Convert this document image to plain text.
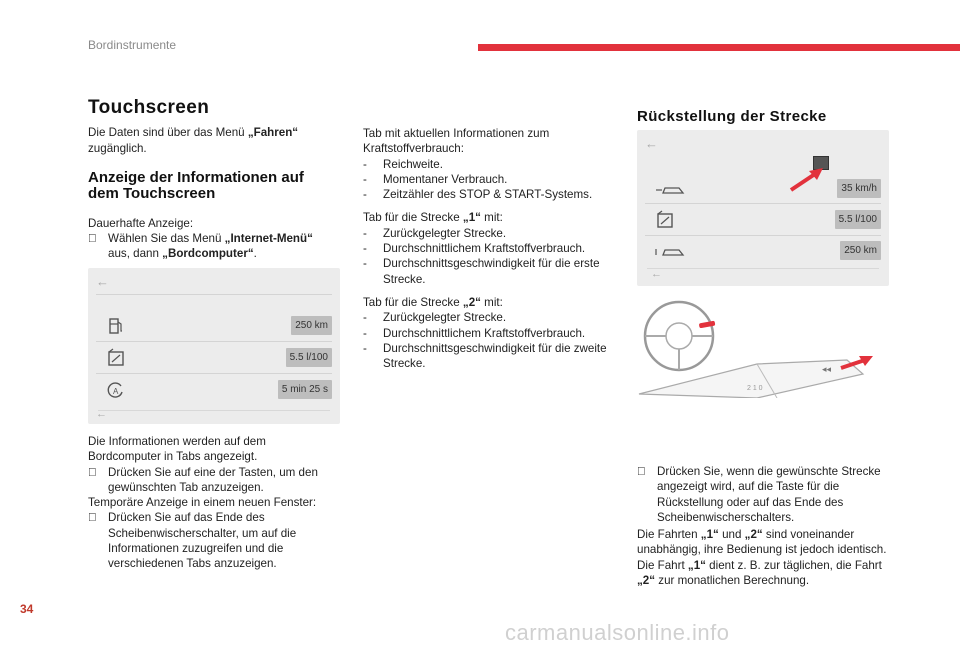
Bordinstrumente
Touchscreen

Die Daten sind über das Menü „Fahren“ zugänglich.

Anzeige der Informationen auf dem Touchscreen
Dauerhafte Anzeige:
Wählen Sie das Menü „Internet-Menü“ aus, dann „Bordcomputer“.
←
250 km
5.5 l/100
A	5 min 25 s
←
Die Informationen werden auf dem Bordcomputer in Tabs angezeigt.
Drücken Sie auf eine der Tasten, um den gewünschten Tab anzuzeigen.
Temporäre Anzeige in einem neuen Fenster:
Drücken Sie auf das Ende des Scheibenwischerschalter, um auf die Informationen zuzugreifen und die verschiedenen Tabs anzuzeigen.
Tab mit aktuellen Informationen zum Kraftstoffverbrauch:
-	Reichweite.
-	Momentaner Verbrauch.
-	Zeitzähler des STOP & START-Systems.
Tab für die Strecke „1“ mit:
-	Zurückgelegter Strecke.
-	Durchschnittlichem Kraftstoffverbrauch.
-	Durchschnittsgeschwindigkeit für die erste Strecke.
Tab für die Strecke „2“ mit:
-	Zurückgelegter Strecke.
-	Durchschnittlichem Kraftstoffverbrauch.
-	Durchschnittsgeschwindigkeit für die zweite Strecke.
Rückstellung der Strecke
←
35 km/h
5.5 l/100
250 km
←
2 1 0
◂◂
Drücken Sie, wenn die gewünschte Strecke angezeigt wird, auf die Taste für die Rückstellung oder auf das Ende des Scheibenwischerschalters.
Die Fahrten „1“ und „2“ sind voneinander unabhängig, ihre Bedienung ist jedoch identisch.
Die Fahrt „1“ dient z. B. zur täglichen, die Fahrt „2“ zur monatlichen Berechnung.
34
carmanualsonline.info
